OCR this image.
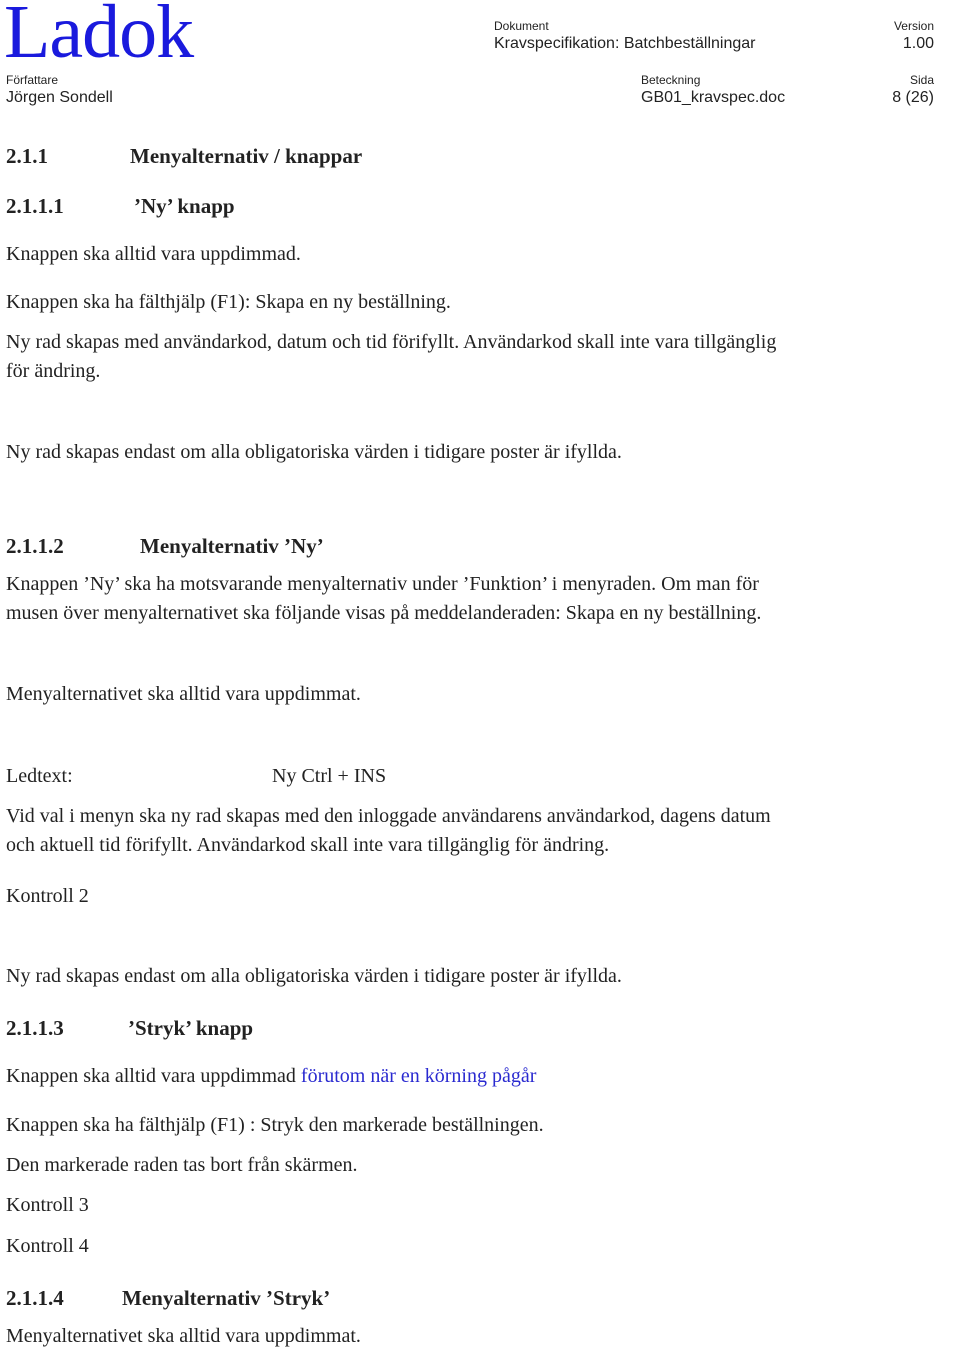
Ladok	Dokument
Kravspecifikation: Batchbeställningar
Version
1.00
Författare
Jörgen Sondell
Beteckning
GB01_kravspec.doc
Sida
8 (26)
2.1.1	Menyalternativ / knappar
2.1.1.1	’Ny’ knapp
Knappen ska alltid vara uppdimmad.
Knappen ska ha fälthjälp (F1): Skapa en ny beställning.
Ny rad skapas med användarkod, datum och tid förifyllt. Användarkod skall inte vara tillgänglig
för ändring.
Ny rad skapas endast om alla obligatoriska värden i tidigare poster är ifyllda.
2.1.1.2	Menyalternativ ’Ny’
Knappen ’Ny’ ska ha motsvarande menyalternativ under ’Funktion’ i menyraden. Om man för
musen över menyalternativet ska följande visas på meddelanderaden: Skapa en ny beställning.
Menyalternativet ska alltid vara uppdimmat.
Ledtext:	Ny Ctrl + INS
Vid val i menyn ska ny rad skapas med den inloggade användarens användarkod, dagens datum
och aktuell tid förifyllt. Användarkod skall inte vara tillgänglig för ändring.
Kontroll 2
Ny rad skapas endast om alla obligatoriska värden i tidigare poster är ifyllda.
2.1.1.3	’Stryk’ knapp
Knappen ska alltid vara uppdimmad förutom när en körning pågår
Knappen ska ha fälthjälp (F1) : Stryk den markerade beställningen.
Den markerade raden tas bort från skärmen.
Kontroll 3
Kontroll 4
2.1.1.4	Menyalternativ ’Stryk’
Menyalternativet ska alltid vara uppdimmat.
